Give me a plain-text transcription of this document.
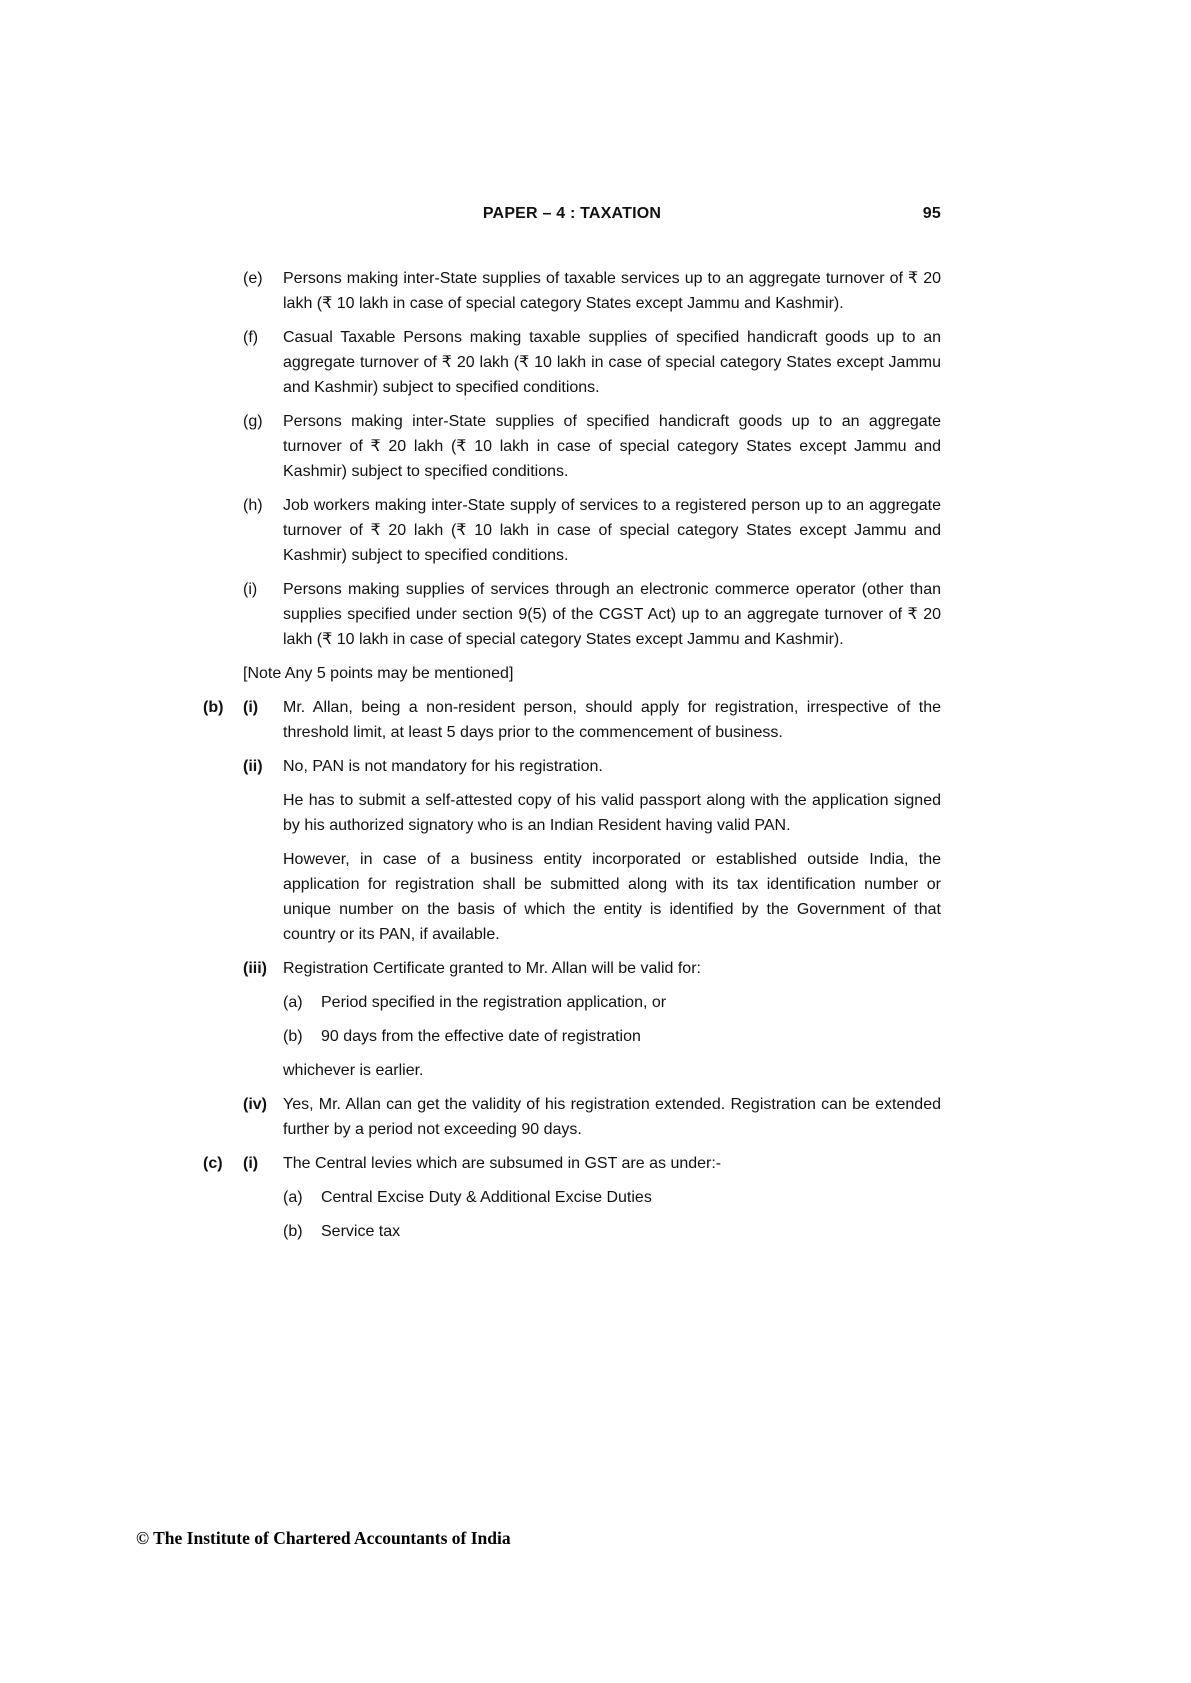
PAPER – 4 : TAXATION	95
(e)	Persons making inter-State supplies of taxable services up to an aggregate turnover of ₹ 20 lakh (₹ 10 lakh in case of special category States except Jammu and Kashmir).
(f)	Casual Taxable Persons making taxable supplies of specified handicraft goods up to an aggregate turnover of ₹ 20 lakh (₹ 10 lakh in case of special category States except Jammu and Kashmir) subject to specified conditions.
(g)	Persons making inter-State supplies of specified handicraft goods up to an aggregate turnover of ₹ 20 lakh (₹ 10 lakh in case of special category States except Jammu and Kashmir) subject to specified conditions.
(h)	Job workers making inter-State supply of services to a registered person up to an aggregate turnover of ₹ 20 lakh (₹ 10 lakh in case of special category States except Jammu and Kashmir) subject to specified conditions.
(i)	Persons making supplies of services through an electronic commerce operator (other than supplies specified under section 9(5) of the CGST Act) up to an aggregate turnover of ₹ 20 lakh (₹ 10 lakh in case of special category States except Jammu and Kashmir).
[Note Any 5 points may be mentioned]
(b)	(i)	Mr. Allan, being a non-resident person, should apply for registration, irrespective of the threshold limit, at least 5 days prior to the commencement of business.
(ii)	No, PAN is not mandatory for his registration.
He has to submit a self-attested copy of his valid passport along with the application signed by his authorized signatory who is an Indian Resident having valid PAN.
However, in case of a business entity incorporated or established outside India, the application for registration shall be submitted along with its tax identification number or unique number on the basis of which the entity is identified by the Government of that country or its PAN, if available.
(iii)	Registration Certificate granted to Mr. Allan will be valid for:
(a)	Period specified in the registration application, or
(b)	90 days from the effective date of registration
whichever is earlier.
(iv)	Yes, Mr. Allan can get the validity of his registration extended. Registration can be extended further by a period not exceeding 90 days.
(c)	(i)	The Central levies which are subsumed in GST are as under:-
(a)	Central Excise Duty & Additional Excise Duties
(b)	Service tax
© The Institute of Chartered Accountants of India
